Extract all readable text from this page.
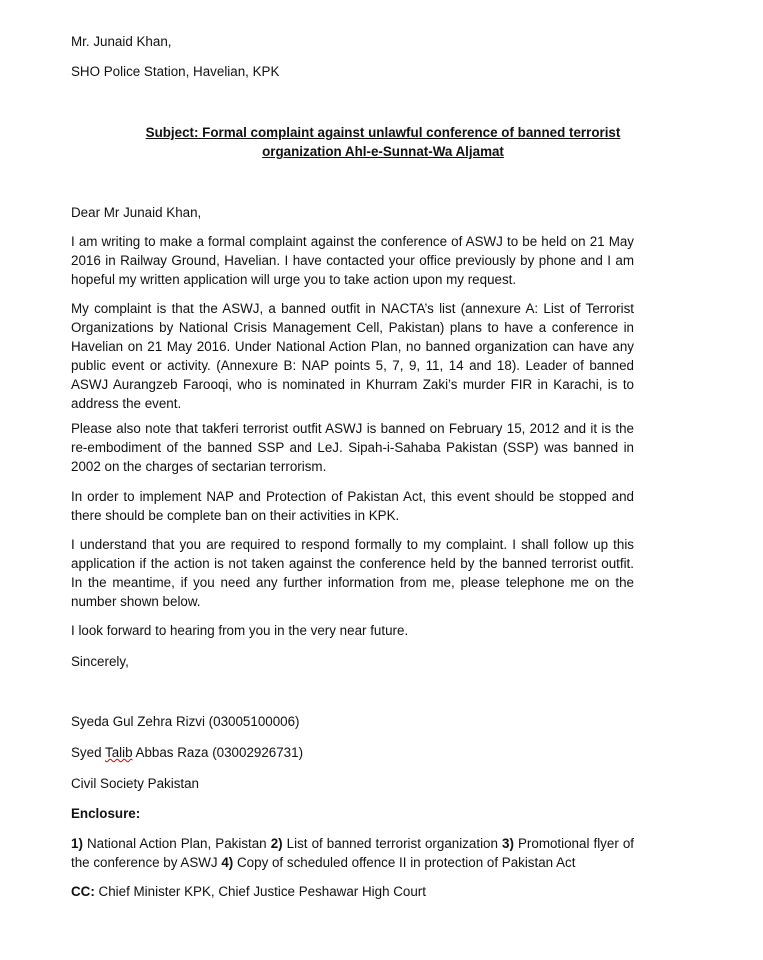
Mr. Junaid Khan,

SHO Police Station, Havelian, KPK

Subject: Formal complaint against unlawful conference of banned terrorist
organization Ahl-e-Sunnat-Wa Aljamat

Dear Mr Junaid Khan,

I am writing to make a formal complaint against the conference of ASWJ to be held on 21 May 2016 in Railway Ground, Havelian. I have contacted your office previously by phone and I am hopeful my written application will urge you to take action upon my request.

My complaint is that the ASWJ, a banned outfit in NACTA’s list (annexure A: List of Terrorist Organizations by National Crisis Management Cell, Pakistan) plans to have a conference in Havelian on 21 May 2016. Under National Action Plan, no banned organization can have any public event or activity. (Annexure B: NAP points 5, 7, 9, 11, 14 and 18). Leader of banned ASWJ Aurangzeb Farooqi, who is nominated in Khurram Zaki’s murder FIR in Karachi, is to address the event.

Please also note that takferi terrorist outfit ASWJ is banned on February 15, 2012 and it is the re-embodiment of the banned SSP and LeJ. Sipah-i-Sahaba Pakistan (SSP) was banned in 2002 on the charges of sectarian terrorism.

In order to implement NAP and Protection of Pakistan Act, this event should be stopped and there should be complete ban on their activities in KPK.

I understand that you are required to respond formally to my complaint. I shall follow up this application if the action is not taken against the conference held by the banned terrorist outfit. In the meantime, if you need any further information from me, please telephone me on the number shown below.

I look forward to hearing from you in the very near future.

Sincerely,

Syeda Gul Zehra Rizvi (03005100006)

Syed Talib Abbas Raza (03002926731)

Civil Society Pakistan

Enclosure:

1) National Action Plan, Pakistan 2) List of banned terrorist organization 3) Promotional flyer of the conference by ASWJ 4) Copy of scheduled offence II in protection of Pakistan Act

CC: Chief Minister KPK, Chief Justice Peshawar High Court
